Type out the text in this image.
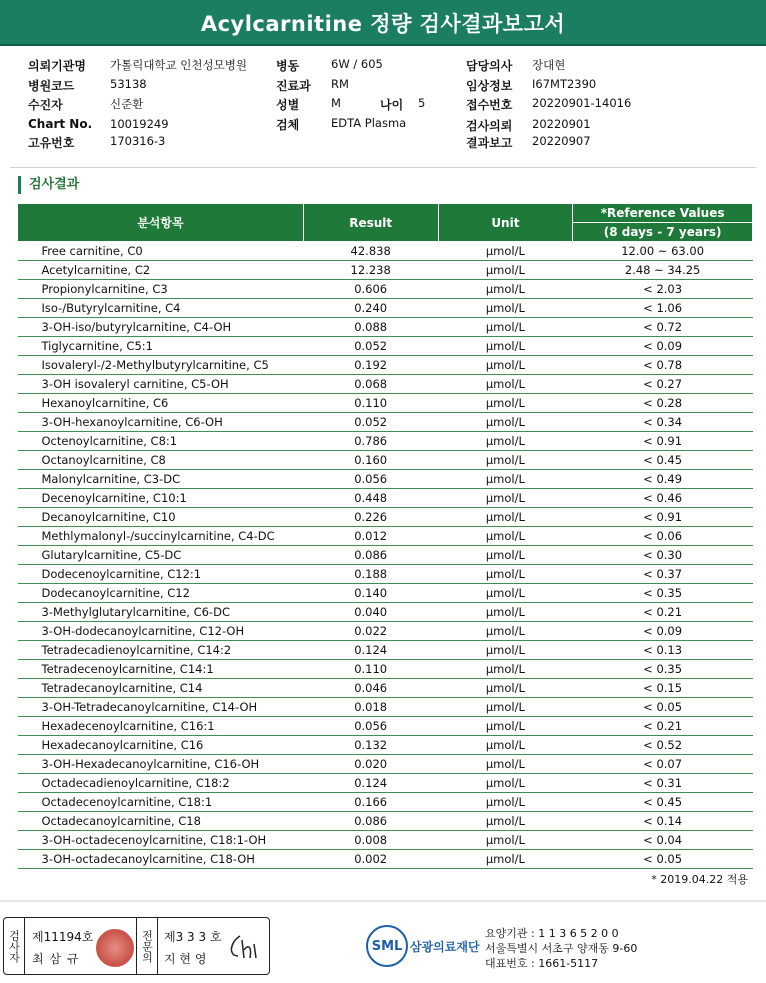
Acylcarnitine 정량 검사결과보고서
의뢰기관명 가톨릭대학교 인천성모병원
병원코드	53138
수진자	신준환
Chart No. 10019249
고유번호	170316-3
병동	6W / 605
진료과 RM
성별	M	나이 5
검체	EDTA Plasma
담당의사 장대현
임상정보 I67MT2390
접수번호 20220901-14016
검사의뢰 20220901
결과보고 20220907
검사결과
분석항목	Result	Unit	*Reference Values
			(8 days - 7 years)
Free carnitine, C0	42.838	µmol/L	12.00 ~ 63.00
Acetylcarnitine, C2	12.238	µmol/L	2.48 ~ 34.25
Propionylcarnitine, C3	0.606	µmol/L	< 2.03
Iso-/Butyrylcarnitine, C4	0.240	µmol/L	< 1.06
3-OH-iso/butyrylcarnitine, C4-OH	0.088	µmol/L	< 0.72
Tiglycarnitine, C5:1	0.052	µmol/L	< 0.09
Isovaleryl-/2-Methylbutyrylcarnitine, C5	0.192	µmol/L	< 0.78
3-OH isovaleryl carnitine, C5-OH	0.068	µmol/L	< 0.27
Hexanoylcarnitine, C6	0.110	µmol/L	< 0.28
3-OH-hexanoylcarnitine, C6-OH	0.052	µmol/L	< 0.34
Octenoylcarnitine, C8:1	0.786	µmol/L	< 0.91
Octanoylcarnitine, C8	0.160	µmol/L	< 0.45
Malonylcarnitine, C3-DC	0.056	µmol/L	< 0.49
Decenoylcarnitine, C10:1	0.448	µmol/L	< 0.46
Decanoylcarnitine, C10	0.226	µmol/L	< 0.91
Methlymalonyl-/succinylcarnitine, C4-DC	0.012	µmol/L	< 0.06
Glutarylcarnitine, C5-DC	0.086	µmol/L	< 0.30
Dodecenoylcarnitine, C12:1	0.188	µmol/L	< 0.37
Dodecanoylcarnitine, C12	0.140	µmol/L	< 0.35
3-Methylglutarylcarnitine, C6-DC	0.040	µmol/L	< 0.21
3-OH-dodecanoylcarnitine, C12-OH	0.022	µmol/L	< 0.09
Tetradecadienoylcarnitine, C14:2	0.124	µmol/L	< 0.13
Tetradecenoylcarnitine, C14:1	0.110	µmol/L	< 0.35
Tetradecanoylcarnitine, C14	0.046	µmol/L	< 0.15
3-OH-Tetradecanoylcarnitine, C14-OH	0.018	µmol/L	< 0.05
Hexadecenoylcarnitine, C16:1	0.056	µmol/L	< 0.21
Hexadecanoylcarnitine, C16	0.132	µmol/L	< 0.52
3-OH-Hexadecanoylcarnitine, C16-OH	0.020	µmol/L	< 0.07
Octadecadienoylcarnitine, C18:2	0.124	µmol/L	< 0.31
Octadecenoylcarnitine, C18:1	0.166	µmol/L	< 0.45
Octadecanoylcarnitine, C18	0.086	µmol/L	< 0.14
3-OH-octadecenoylcarnitine, C18:1-OH	0.008	µmol/L	< 0.04
3-OH-octadecanoylcarnitine, C18-OH	0.002	µmol/L	< 0.05
* 2019.04.22 적용
검사자 제11194호
최 삼 규	전문의 제3 3 3 호
지 현 영
SML 삼광의료재단
요양기관 : 1 1 3 6 5 2 0 0
서울특별시 서초구 양재동 9-60
대표번호 : 1661-5117
